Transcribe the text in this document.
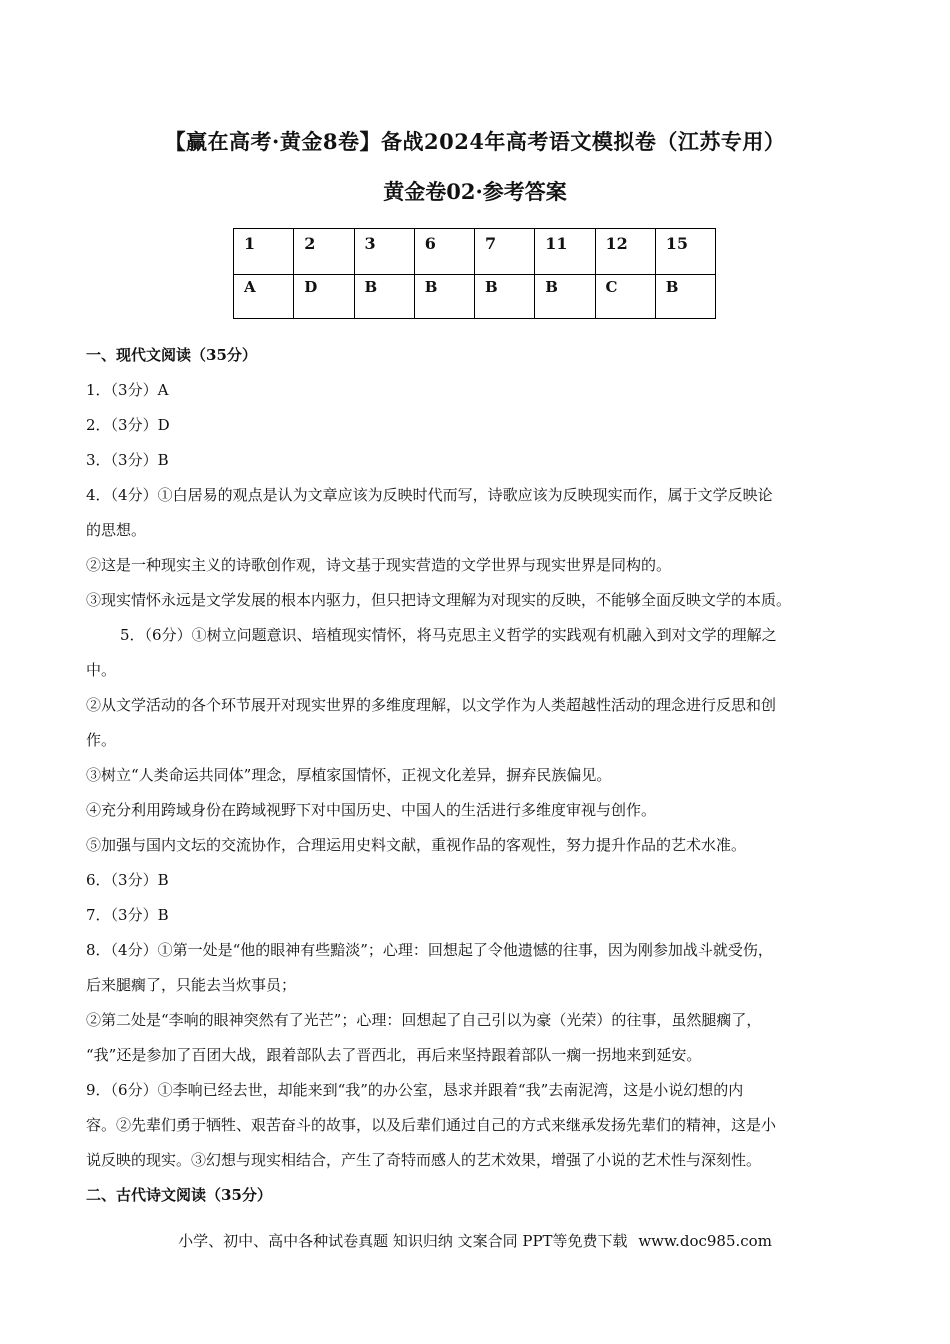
【赢在高考·黄金8卷】备战2024年高考语文模拟卷（江苏专用）
黄金卷02·参考答案
1	2	3	6	7	11	12	15
A	D	B	B	B	B	C	B

一、现代文阅读（35分）

1．（3分）A

2．（3分）D

3．（3分）B

4．（4分）①白居易的观点是认为文章应该为反映时代而写，诗歌应该为反映现实而作，属于文学反映论

的思想。

②这是一种现实主义的诗歌创作观，诗文基于现实营造的文学世界与现实世界是同构的。

③现实情怀永远是文学发展的根本内驱力，但只把诗文理解为对现实的反映，不能够全面反映文学的本质。

5．（6分）①树立问题意识、培植现实情怀，将马克思主义哲学的实践观有机融入到对文学的理解之

中。

②从文学活动的各个环节展开对现实世界的多维度理解，以文学作为人类超越性活动的理念进行反思和创

作。

③树立“人类命运共同体”理念，厚植家国情怀，正视文化差异，摒弃民族偏见。

④充分利用跨域身份在跨域视野下对中国历史、中国人的生活进行多维度审视与创作。

⑤加强与国内文坛的交流协作，合理运用史料文献，重视作品的客观性，努力提升作品的艺术水准。

6．（3分）B

7．（3分）B

8．（4分）①第一处是“他的眼神有些黯淡”；心理：回想起了令他遗憾的往事，因为刚参加战斗就受伤，

后来腿瘸了，只能去当炊事员；

②第二处是“李响的眼神突然有了光芒”；心理：回想起了自己引以为豪（光荣）的往事，虽然腿瘸了，

“我”还是参加了百团大战，跟着部队去了晋西北，再后来坚持跟着部队一瘸一拐地来到延安。

9．（6分）①李响已经去世，却能来到“我”的办公室，恳求并跟着“我”去南泥湾，这是小说幻想的内

容。②先辈们勇于牺牲、艰苦奋斗的故事，以及后辈们通过自己的方式来继承发扬先辈们的精神，这是小

说反映的现实。③幻想与现实相结合，产生了奇特而感人的艺术效果，增强了小说的艺术性与深刻性。

二、古代诗文阅读（35分）

小学、初中、高中各种试卷真题 知识归纳 文案合同 PPT等免费下载 www.doc985.com
